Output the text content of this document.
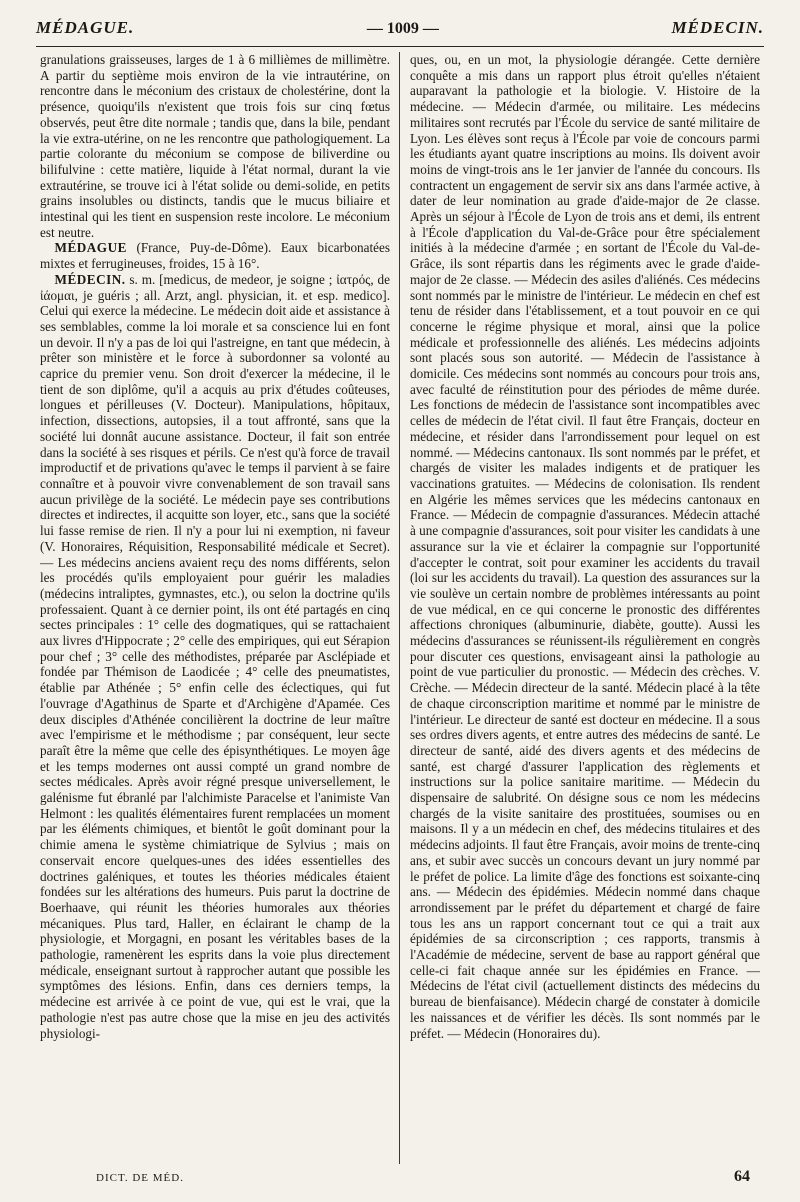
MÉDAGUE.	— 1009 —	MÉDECIN.

granulations graisseuses, larges de 1 à 6 millièmes de millimètre. A partir du septième mois environ de la vie intrautérine, on rencontre dans le méconium des cristaux de cholestérine, dont la présence, quoiqu'ils n'existent que trois fois sur cinq fœtus observés, peut être dite normale ; tandis que, dans la bile, pendant la vie extra-utérine, on ne les rencontre que pathologiquement. La partie colorante du méconium se compose de biliverdine ou bilifulvine : cette matière, liquide à l'état normal, durant la vie extrautérine, se trouve ici à l'état solide ou demi-solide, en petits grains insolubles ou distincts, tandis que le mucus biliaire et intestinal qui les tient en suspension reste incolore. Le méconium est neutre.

MÉDAGUE (France, Puy-de-Dôme). Eaux bicarbonatées mixtes et ferrugineuses, froides, 15 à 16°.

MÉDECIN. s. m. [medicus, de medeor, je soigne ; ἰατρός, de ἰάομαι, je guéris ; all. Arzt, angl. physician, it. et esp. medico]. Celui qui exerce la médecine. Le médecin doit aide et assistance à ses semblables, comme la loi morale et sa conscience lui en font un devoir. Il n'y a pas de loi qui l'astreigne, en tant que médecin, à prêter son ministère et le force à subordonner sa volonté au caprice du premier venu. Son droit d'exercer la médecine, il le tient de son diplôme, qu'il a acquis au prix d'études coûteuses, longues et périlleuses (V. Docteur). Manipulations, hôpitaux, infection, dissections, autopsies, il a tout affronté, sans que la société lui donnât aucune assistance. Docteur, il fait son entrée dans la société à ses risques et périls. Ce n'est qu'à force de travail improductif et de privations qu'avec le temps il parvient à se faire connaître et à pouvoir vivre convenablement de son travail sans aucun privilège de la société. Le médecin paye ses contributions directes et indirectes, il acquitte son loyer, etc., sans que la société lui fasse remise de rien. Il n'y a pour lui ni exemption, ni faveur (V. Honoraires, Réquisition, Responsabilité médicale et Secret). — Les médecins anciens avaient reçu des noms différents, selon les procédés qu'ils employaient pour guérir les maladies (médecins intraliptes, gymnastes, etc.), ou selon la doctrine qu'ils professaient. Quant à ce dernier point, ils ont été partagés en cinq sectes principales : 1° celle des dogmatiques, qui se rattachaient aux livres d'Hippocrate ; 2° celle des empiriques, qui eut Sérapion pour chef ; 3° celle des méthodistes, préparée par Asclépiade et fondée par Thémison de Laodicée ; 4° celle des pneumatistes, établie par Athénée ; 5° enfin celle des éclectiques, qui fut l'ouvrage d'Agathinus de Sparte et d'Archigène d'Apamée. Ces deux disciples d'Athénée concilièrent la doctrine de leur maître avec l'empirisme et le méthodisme ; par conséquent, leur secte paraît être la même que celle des épisynthétiques. Le moyen âge et les temps modernes ont aussi compté un grand nombre de sectes médicales. Après avoir régné presque universellement, le galénisme fut ébranlé par l'alchimiste Paracelse et l'animiste Van Helmont : les qualités élémentaires furent remplacées un moment par les éléments chimiques, et bientôt le goût dominant pour la chimie amena le système chimiatrique de Sylvius ; mais on conservait encore quelques-unes des idées essentielles des doctrines galéniques, et toutes les théories médicales étaient fondées sur les altérations des humeurs. Puis parut la doctrine de Boerhaave, qui réunit les théories humorales aux théories mécaniques. Plus tard, Haller, en éclairant le champ de la physiologie, et Morgagni, en posant les véritables bases de la pathologie, ramenèrent les esprits dans la voie plus directement médicale, enseignant surtout à rapprocher autant que possible les symptômes des lésions. Enfin, dans ces derniers temps, la médecine est arrivée à ce point de vue, qui est le vrai, que la pathologie n'est pas autre chose que la mise en jeu des activités physiologi-

ques, ou, en un mot, la physiologie dérangée. Cette dernière conquête a mis dans un rapport plus étroit qu'elles n'étaient auparavant la pathologie et la biologie. V. Histoire de la médecine. — Médecin d'armée, ou militaire. Les médecins militaires sont recrutés par l'École du service de santé militaire de Lyon. Les élèves sont reçus à l'École par voie de concours parmi les étudiants ayant quatre inscriptions au moins. Ils doivent avoir moins de vingt-trois ans le 1er janvier de l'année du concours. Ils contractent un engagement de servir six ans dans l'armée active, à dater de leur nomination au grade d'aide-major de 2e classe. Après un séjour à l'École de Lyon de trois ans et demi, ils entrent à l'École d'application du Val-de-Grâce pour être spécialement initiés à la médecine d'armée ; en sortant de l'École du Val-de-Grâce, ils sont répartis dans les régiments avec le grade d'aide-major de 2e classe. — Médecin des asiles d'aliénés. Ces médecins sont nommés par le ministre de l'intérieur. Le médecin en chef est tenu de résider dans l'établissement, et a tout pouvoir en ce qui concerne le régime physique et moral, ainsi que la police médicale et professionnelle des aliénés. Les médecins adjoints sont placés sous son autorité. — Médecin de l'assistance à domicile. Ces médecins sont nommés au concours pour trois ans, avec faculté de réinstitution pour des périodes de même durée. Les fonctions de médecin de l'assistance sont incompatibles avec celles de médecin de l'état civil. Il faut être Français, docteur en médecine, et résider dans l'arrondissement pour lequel on est nommé. — Médecins cantonaux. Ils sont nommés par le préfet, et chargés de visiter les malades indigents et de pratiquer les vaccinations gratuites. — Médecins de colonisation. Ils rendent en Algérie les mêmes services que les médecins cantonaux en France. — Médecin de compagnie d'assurances. Médecin attaché à une compagnie d'assurances, soit pour visiter les candidats à une assurance sur la vie et éclairer la compagnie sur l'opportunité d'accepter le contrat, soit pour examiner les accidents du travail (loi sur les accidents du travail). La question des assurances sur la vie soulève un certain nombre de problèmes intéressants au point de vue médical, en ce qui concerne le pronostic des différentes affections chroniques (albuminurie, diabète, goutte). Aussi les médecins d'assurances se réunissent-ils régulièrement en congrès pour discuter ces questions, envisageant ainsi la pathologie au point de vue particulier du pronostic. — Médecin des crèches. V. Crèche. — Médecin directeur de la santé. Médecin placé à la tête de chaque circonscription maritime et nommé par le ministre de l'intérieur. Le directeur de santé est docteur en médecine. Il a sous ses ordres divers agents, et entre autres des médecins de santé. Le directeur de santé, aidé des divers agents et des médecins de santé, est chargé d'assurer l'application des règlements et instructions sur la police sanitaire maritime. — Médecin du dispensaire de salubrité. On désigne sous ce nom les médecins chargés de la visite sanitaire des prostituées, soumises ou en maisons. Il y a un médecin en chef, des médecins titulaires et des médecins adjoints. Il faut être Français, avoir moins de trente-cinq ans, et subir avec succès un concours devant un jury nommé par le préfet de police. La limite d'âge des fonctions est soixante-cinq ans. — Médecin des épidémies. Médecin nommé dans chaque arrondissement par le préfet du département et chargé de faire tous les ans un rapport concernant tout ce qui a trait aux épidémies de sa circonscription ; ces rapports, transmis à l'Académie de médecine, servent de base au rapport général que celle-ci fait chaque année sur les épidémies en France. — Médecins de l'état civil (actuellement distincts des médecins du bureau de bienfaisance). Médecin chargé de constater à domicile les naissances et de vérifier les décès. Ils sont nommés par le préfet. — Médecin (Honoraires du).

DICT. DE MÉD.	64
